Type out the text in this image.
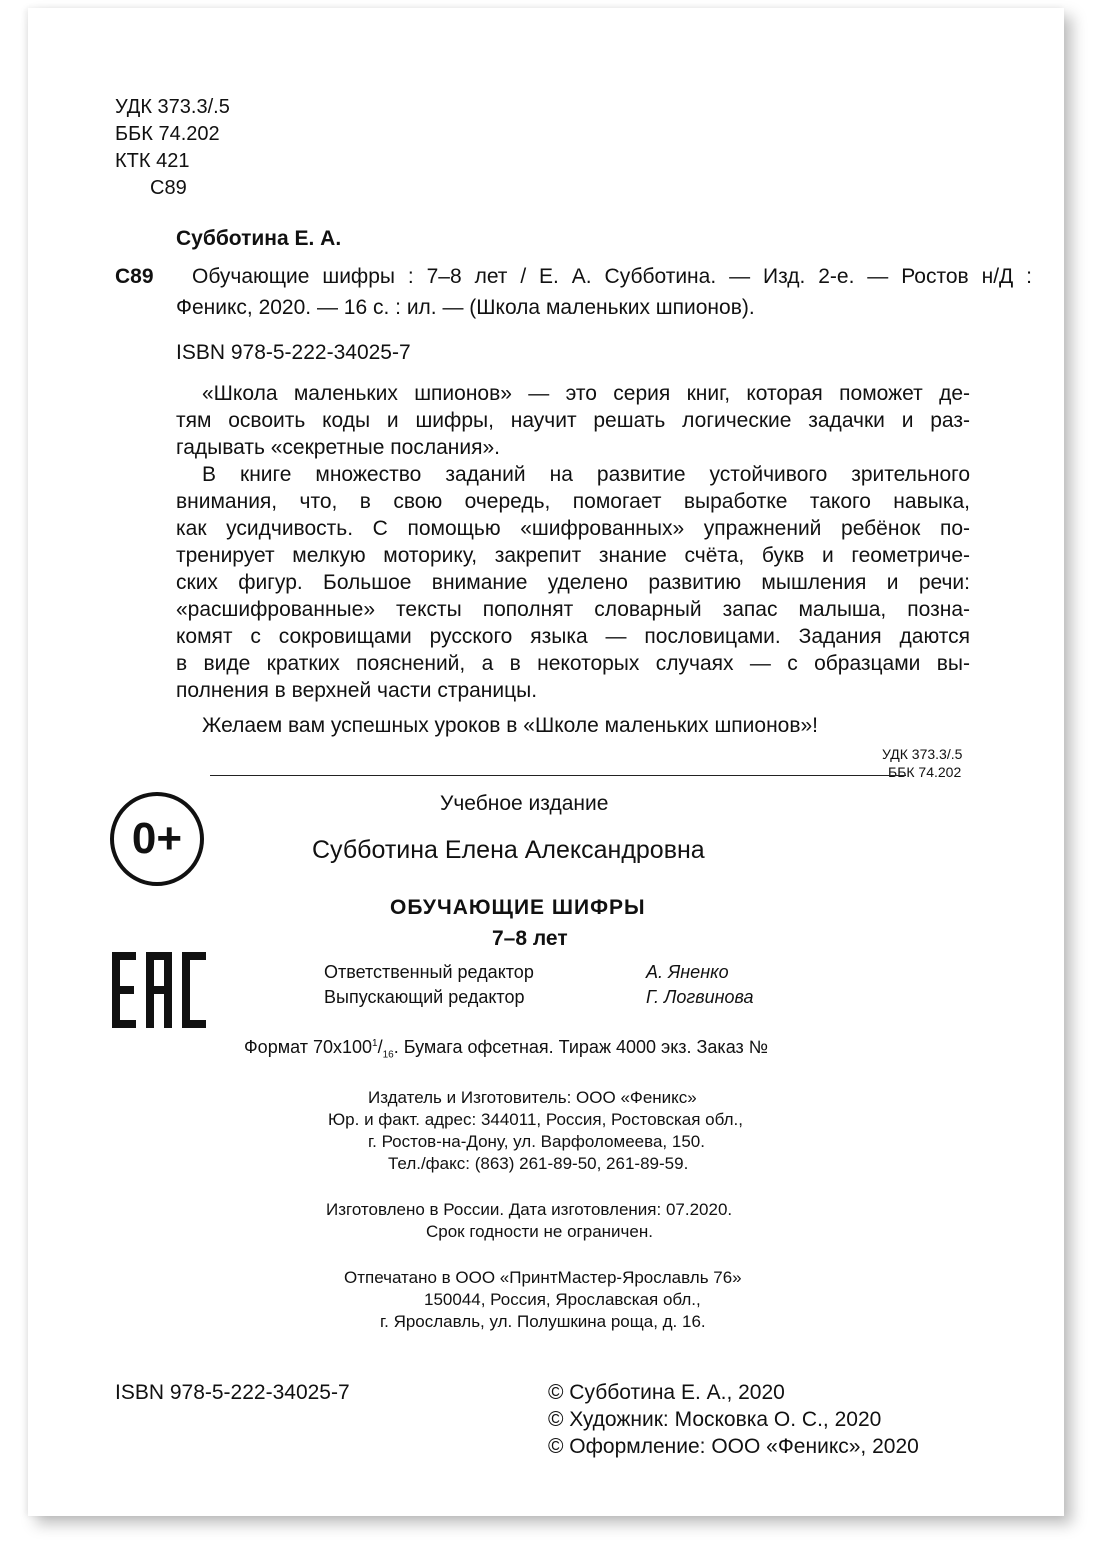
УДК 373.3/.5
ББК 74.202
КТК 421
С89
Субботина Е. А.
С89 Обучающие шифры : 7–8 лет / Е. А. Субботина. — Изд. 2-е. — Ростов н/Д :
Феникс, 2020. — 16 с. : ил. — (Школа маленьких шпионов).
ISBN 978-5-222-34025-7
«Школа маленьких шпионов» — это серия книг, которая поможет де-
тям освоить коды и шифры, научит решать логические задачки и раз-
гадывать «секретные послания».
В книге множество заданий на развитие устойчивого зрительного
внимания, что, в свою очередь, помогает выработке такого навыка,
как усидчивость. С помощью «шифрованных» упражнений ребёнок по-
тренирует мелкую моторику, закрепит знание счёта, букв и геометриче-
ских фигур. Большое внимание уделено развитию мышления и речи:
«расшифрованные» тексты пополнят словарный запас малыша, позна-
комят с сокровищами русского языка — пословицами. Задания даются
в виде кратких пояснений, а в некоторых случаях — с образцами вы-
полнения в верхней части страницы.
Желаем вам успешных уроков в «Школе маленьких шпионов»!
УДК 373.3/.5
ББК 74.202
0+
Учебное издание
Субботина Елена Александровна
ОБУЧАЮЩИЕ ШИФРЫ
7–8 лет
Ответственный редактор	А. Яненко
Выпускающий редактор	Г. Логвинова
Формат $70х100^1/_{16}$. Бумага офсетная. Тираж 4000 экз. Заказ №
Издатель и Изготовитель: ООО «Феникс»
Юр. и факт. адрес: 344011, Россия, Ростовская обл.,
г. Ростов-на-Дону, ул. Варфоломеева, 150.
Тел./факс: (863) 261-89-50, 261-89-59.
Изготовлено в России. Дата изготовления: 07.2020.
Срок годности не ограничен.
Отпечатано в ООО «ПринтМастер-Ярославль 76»
150044, Россия, Ярославская обл.,
г. Ярославль, ул. Полушкина роща, д. 16.
ISBN 978-5-222-34025-7	© Субботина Е. А., 2020
© Художник: Московка О. С., 2020
© Оформление: ООО «Феникс», 2020
